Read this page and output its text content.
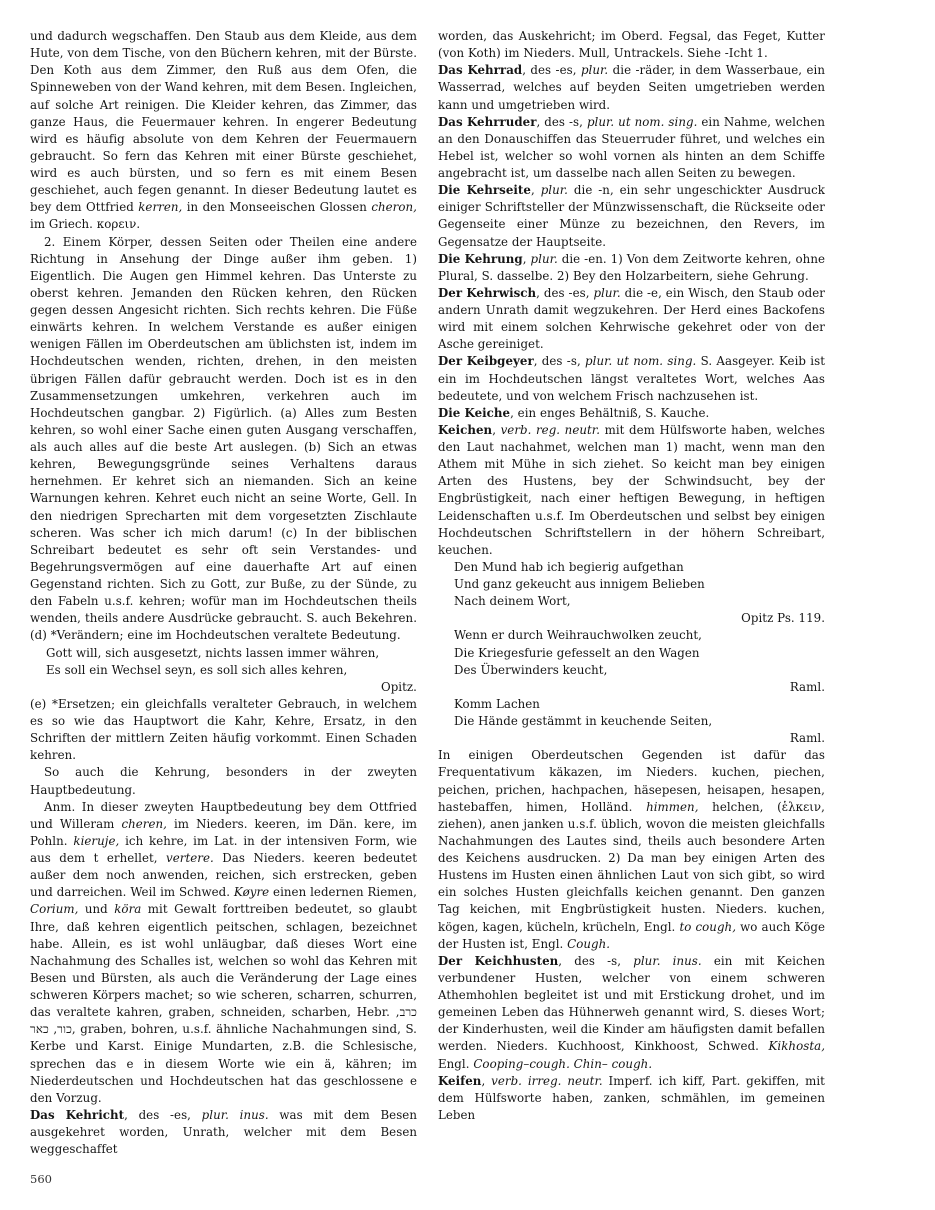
und dadurch wegschaffen. Den Staub aus dem Kleide, aus dem Hute, von dem Tische, von den Büchern kehren, mit der Bürste. Den Koth aus dem Zimmer, den Ruß aus dem Ofen, die Spinneweben von der Wand kehren, mit dem Besen. Ingleichen, auf solche Art reinigen. Die Kleider kehren, das Zimmer, das ganze Haus, die Feuermauer kehren. In engerer Bedeutung wird es häufig absolute von dem Kehren der Feuermauern gebraucht. So fern das Kehren mit einer Bürste geschiehet, wird es auch bürsten, und so fern es mit einem Besen geschiehet, auch fegen genannt. In dieser Bedeutung lautet es bey dem Ottfried kerren, in den Monseeischen Glossen cheron, im Griech. κορειν.

2. Einem Körper, dessen Seiten oder Theilen eine andere Richtung in Ansehung der Dinge außer ihm geben. 1) Eigentlich. Die Augen gen Himmel kehren. Das Unterste zu oberst kehren. Jemanden den Rücken kehren, den Rücken gegen dessen Angesicht richten. Sich rechts kehren. Die Füße einwärts kehren. In welchem Verstande es außer einigen wenigen Fällen im Oberdeutschen am üblichsten ist, indem im Hochdeutschen wenden, richten, drehen, in den meisten übrigen Fällen dafür gebraucht werden. Doch ist es in den Zusammensetzungen umkehren, verkehren auch im Hochdeutschen gangbar. 2) Figürlich. (a) Alles zum Besten kehren, so wohl einer Sache einen guten Ausgang verschaffen, als auch alles auf die beste Art auslegen. (b) Sich an etwas kehren, Bewegungsgründe seines Verhaltens daraus hernehmen. Er kehret sich an niemanden. Sich an keine Warnungen kehren. Kehret euch nicht an seine Worte, Gell. In den niedrigen Sprecharten mit dem vorgesetzten Zischlaute scheren. Was scher ich mich darum! (c) In der biblischen Schreibart bedeutet es sehr oft sein Verstandes- und Begehrungsvermögen auf eine dauerhafte Art auf einen Gegenstand richten. Sich zu Gott, zur Buße, zu der Sünde, zu den Fabeln u.s.f. kehren; wofür man im Hochdeutschen theils wenden, theils andere Ausdrücke gebraucht. S. auch Bekehren. (d) *Verändern; eine im Hochdeutschen veraltete Bedeutung.

Gott will, sich ausgesetzt, nichts lassen immer währen,

Es soll ein Wechsel seyn, es soll sich alles kehren,

Opitz.

(e) *Ersetzen; ein gleichfalls veralteter Gebrauch, in welchem es so wie das Hauptwort die Kahr, Kehre, Ersatz, in den Schriften der mittlern Zeiten häufig vorkommt. Einen Schaden kehren.

So auch die Kehrung, besonders in der zweyten Hauptbedeutung.

Anm. In dieser zweyten Hauptbedeutung bey dem Ottfried und Willeram cheren, im Nieders. keeren, im Dän. kere, im Pohln. kieruje, ich kehre, im Lat. in der intensiven Form, wie aus dem t erhellet, vertere. Das Nieders. keeren bedeutet außer dem noch anwenden, reichen, sich erstrecken, geben und darreichen. Weil im Schwed. Køyre einen ledernen Riemen, Corium, und köra mit Gewalt forttreiben bedeutet, so glaubt Ihre, daß kehren eigentlich peitschen, schlagen, bezeichnet habe. Allein, es ist wohl unläugbar, daß dieses Wort eine Nachahmung des Schalles ist, welchen so wohl das Kehren mit Besen und Bürsten, als auch die Veränderung der Lage eines schweren Körpers machet; so wie scheren, scharren, schurren, das veraltete kahren, graben, schneiden, scharben, Hebr. כרב, כור, כאר, graben, bohren, u.s.f. ähnliche Nachahmungen sind, S. Kerbe und Karst. Einige Mundarten, z.B. die Schlesische, sprechen das e in diesem Worte wie ein ä, kähren; im Niederdeutschen und Hochdeutschen hat das geschlossene e den Vorzug.

Das Kehricht, des -es, plur. inus. was mit dem Besen ausgekehret worden, Unrath, welcher mit dem Besen weggeschaffet

worden, das Auskehricht; im Oberd. Fegsal, das Feget, Kutter (von Koth) im Nieders. Mull, Untrackels. Siehe -Icht 1.

Das Kehrrad, des -es, plur. die -räder, in dem Wasserbaue, ein Wasserrad, welches auf beyden Seiten umgetrieben werden kann und umgetrieben wird.

Das Kehrruder, des -s, plur. ut nom. sing. ein Nahme, welchen an den Donauschiffen das Steuerruder führet, und welches ein Hebel ist, welcher so wohl vornen als hinten an dem Schiffe angebracht ist, um dasselbe nach allen Seiten zu bewegen.

Die Kehrseite, plur. die -n, ein sehr ungeschickter Ausdruck einiger Schriftsteller der Münzwissenschaft, die Rückseite oder Gegenseite einer Münze zu bezeichnen, den Revers, im Gegensatze der Hauptseite.

Die Kehrung, plur. die -en. 1) Von dem Zeitworte kehren, ohne Plural, S. dasselbe. 2) Bey den Holzarbeitern, siehe Gehrung.

Der Kehrwisch, des -es, plur. die -e, ein Wisch, den Staub oder andern Unrath damit wegzukehren. Der Herd eines Backofens wird mit einem solchen Kehrwische gekehret oder von der Asche gereiniget.

Der Keibgeyer, des -s, plur. ut nom. sing. S. Aasgeyer. Keib ist ein im Hochdeutschen längst veraltetes Wort, welches Aas bedeutete, und von welchem Frisch nachzusehen ist.

Die Keiche, ein enges Behältniß, S. Kauche.

Keichen, verb. reg. neutr. mit dem Hülfsworte haben, welches den Laut nachahmet, welchen man 1) macht, wenn man den Athem mit Mühe in sich ziehet. So keicht man bey einigen Arten des Hustens, bey der Schwindsucht, bey der Engbrüstigkeit, nach einer heftigen Bewegung, in heftigen Leidenschaften u.s.f. Im Oberdeutschen und selbst bey einigen Hochdeutschen Schriftstellern in der höhern Schreibart, keuchen.

Den Mund hab ich begierig aufgethan

Und ganz gekeucht aus innigem Belieben

Nach deinem Wort,

Opitz Ps. 119.

Wenn er durch Weihrauchwolken zeucht,

Die Kriegesfurie gefesselt an den Wagen

Des Überwinders keucht,

Raml.

Komm Lachen

Die Hände gestämmt in keuchende Seiten,

Raml.

In einigen Oberdeutschen Gegenden ist dafür das Frequentativum käkazen, im Nieders. kuchen, piechen, peichen, prichen, hachpachen, häsepesen, heisapen, hesapen, hastebaffen, himen, Holländ. himmen, helchen, (ἑλκειν, ziehen), anen janken u.s.f. üblich, wovon die meisten gleichfalls Nachahmungen des Lautes sind, theils auch besondere Arten des Keichens ausdrucken. 2) Da man bey einigen Arten des Hustens im Husten einen ähnlichen Laut von sich gibt, so wird ein solches Husten gleichfalls keichen genannt. Den ganzen Tag keichen, mit Engbrüstigkeit husten. Nieders. kuchen, kögen, kagen, kücheln, krücheln, Engl. to cough, wo auch Köge der Husten ist, Engl. Cough.

Der Keichhusten, des -s, plur. inus. ein mit Keichen verbundener Husten, welcher von einem schweren Athemhohlen begleitet ist und mit Erstickung drohet, und im gemeinen Leben das Hühnerweh genannt wird, S. dieses Wort; der Kinderhusten, weil die Kinder am häufigsten damit befallen werden. Nieders. Kuchhoost, Kinkhoost, Schwed. Kikhosta, Engl. Cooping–cough. Chin– cough.

Keifen, verb. irreg. neutr. Imperf. ich kiff, Part. gekiffen, mit dem Hülfsworte haben, zanken, schmählen, im gemeinen Leben

560
